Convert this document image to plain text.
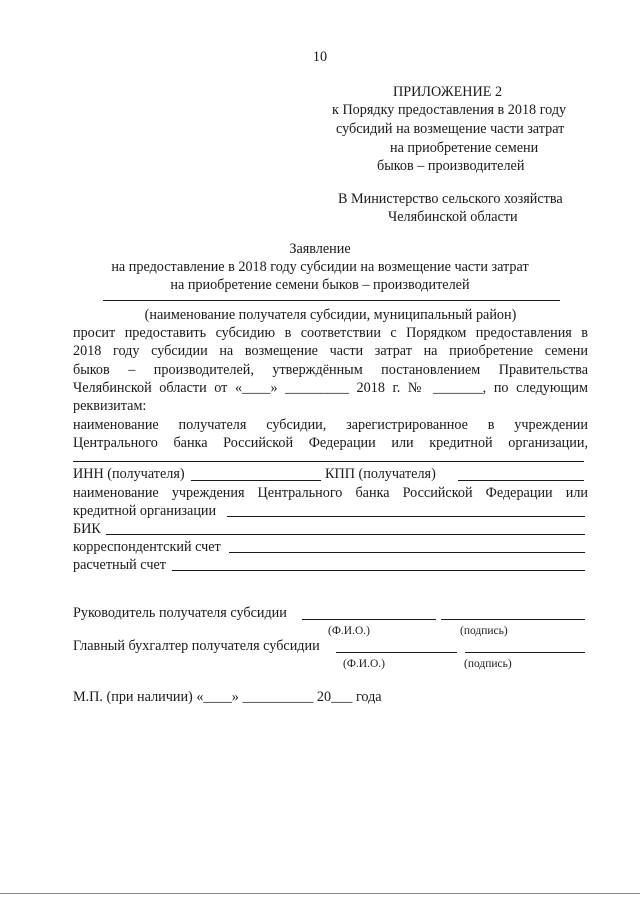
10
ПРИЛОЖЕНИЕ 2
к Порядку предоставления в 2018 году
субсидий на возмещение части затрат
на приобретение семени
быков – производителей
В Министерство сельского хозяйства
Челябинской области
Заявление
на предоставление в 2018 году субсидии на возмещение части затрат
на приобретение семени быков – производителей
(наименование получателя субсидии, муниципальный район)
просит предоставить субсидию в соответствии с Порядком предоставления в
2018 году субсидии на возмещение части затрат на приобретение семени
быков – производителей, утверждённым постановлением Правительства
Челябинской области от «____» _________ 2018 г. № _______, по следующим
реквизитам:
наименование получателя субсидии, зарегистрированное в учреждении
Центрального банка Российской Федерации или кредитной организации,
ИНН (получателя)	КПП (получателя)
наименование учреждения Центрального банка Российской Федерации или
кредитной организации
БИК
корреспондентский счет
расчетный счет
Руководитель получателя субсидии
(Ф.И.О.)	(подпись)
Главный бухгалтер получателя субсидии
(Ф.И.О.)	(подпись)
М.П. (при наличии) «____» __________ 20___ года
